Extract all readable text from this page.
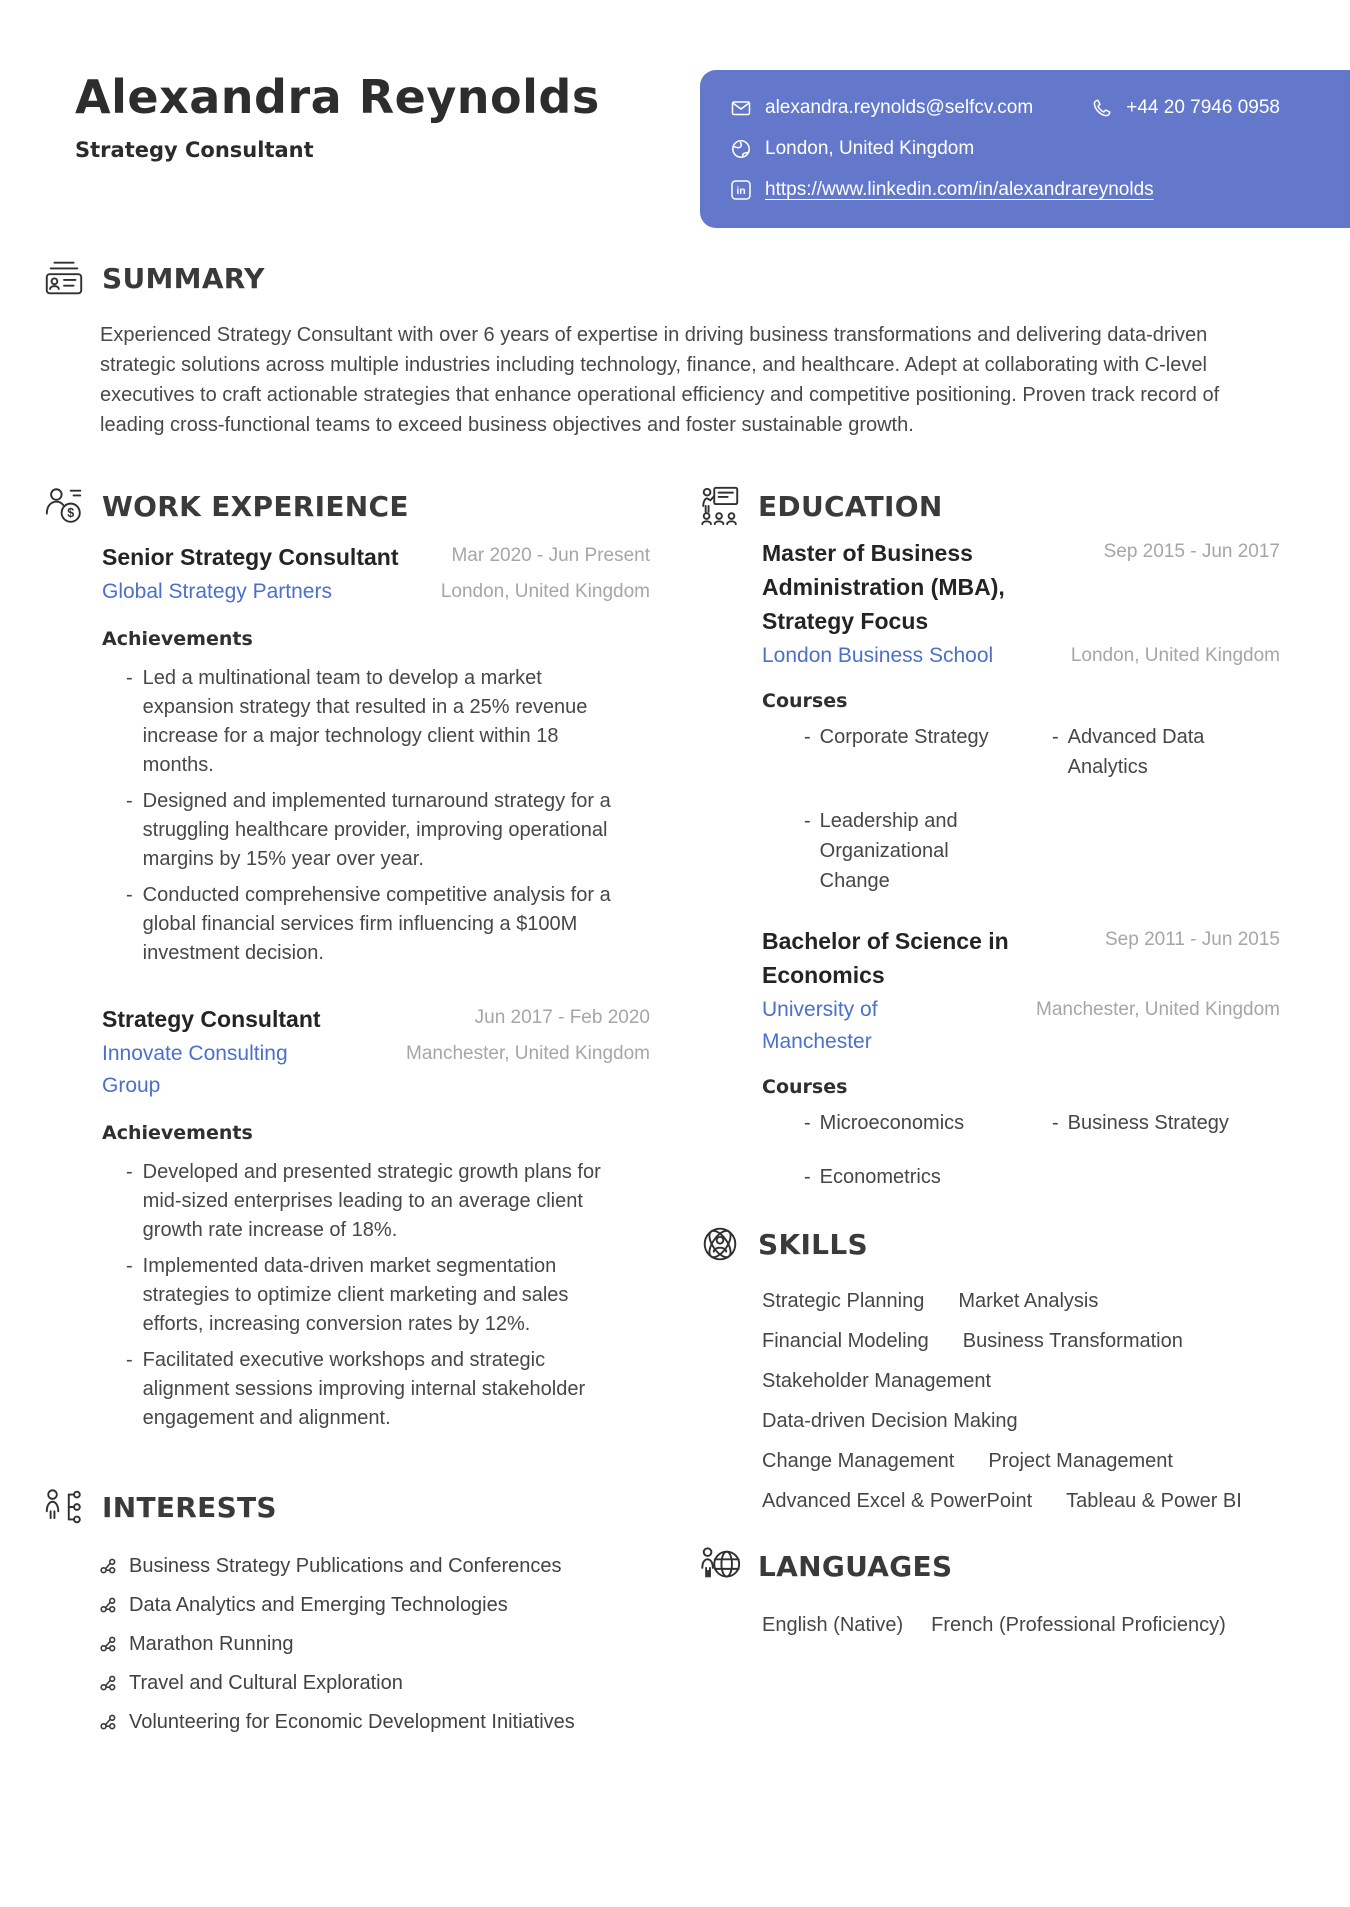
Alexandra Reynolds
Strategy Consultant
alexandra.reynolds@selfcv.com	+44 20 7946 0958
London, United Kingdom
in https://www.linkedin.com/in/alexandrareynolds
SUMMARY

Experienced Strategy Consultant with over 6 years of expertise in driving business transformations and delivering data-driven strategic solutions across multiple industries including technology, finance, and healthcare. Adept at collaborating with C-level executives to craft actionable strategies that enhance operational efficiency and competitive positioning. Proven track record of leading cross-functional teams to exceed business objectives and foster sustainable growth.

$ WORK EXPERIENCE
Senior Strategy Consultant	Mar 2020 - Jun Present
Global Strategy Partners	London, United Kingdom
Achievements
- Led a multinational team to develop a market expansion strategy that resulted in a 25% revenue increase for a major technology client within 18 months.
- Designed and implemented turnaround strategy for a struggling healthcare provider, improving operational margins by 15% year over year.
- Conducted comprehensive competitive analysis for a global financial services firm influencing a $100M investment decision.
Strategy Consultant	Jun 2017 - Feb 2020
Innovate Consulting Group
Manchester, United Kingdom
Achievements
- Developed and presented strategic growth plans for mid-sized enterprises leading to an average client growth rate increase of 18%.
- Implemented data-driven market segmentation strategies to optimize client marketing and sales efforts, increasing conversion rates by 12%.
- Facilitated executive workshops and strategic alignment sessions improving internal stakeholder engagement and alignment.
INTERESTS
Business Strategy Publications and Conferences
Data Analytics and Emerging Technologies
Marathon Running
Travel and Cultural Exploration
Volunteering for Economic Development Initiatives
EDUCATION
Master of Business Administration (MBA), Strategy Focus
Sep 2015 - Jun 2017
London Business School	London, United Kingdom
Courses
- Corporate Strategy	- Advanced Data Analytics
- Leadership and Organizational Change
Bachelor of Science in Economics
Sep 2011 - Jun 2015
University of Manchester
Manchester, United Kingdom
Courses
- Microeconomics	- Business Strategy
- Econometrics
SKILLS
Strategic Planning Market Analysis
Financial Modeling Business Transformation
Stakeholder Management
Data-driven Decision Making
Change Management Project Management
Advanced Excel & PowerPoint Tableau & Power BI
LANGUAGES
English (Native) French (Professional Proficiency)
